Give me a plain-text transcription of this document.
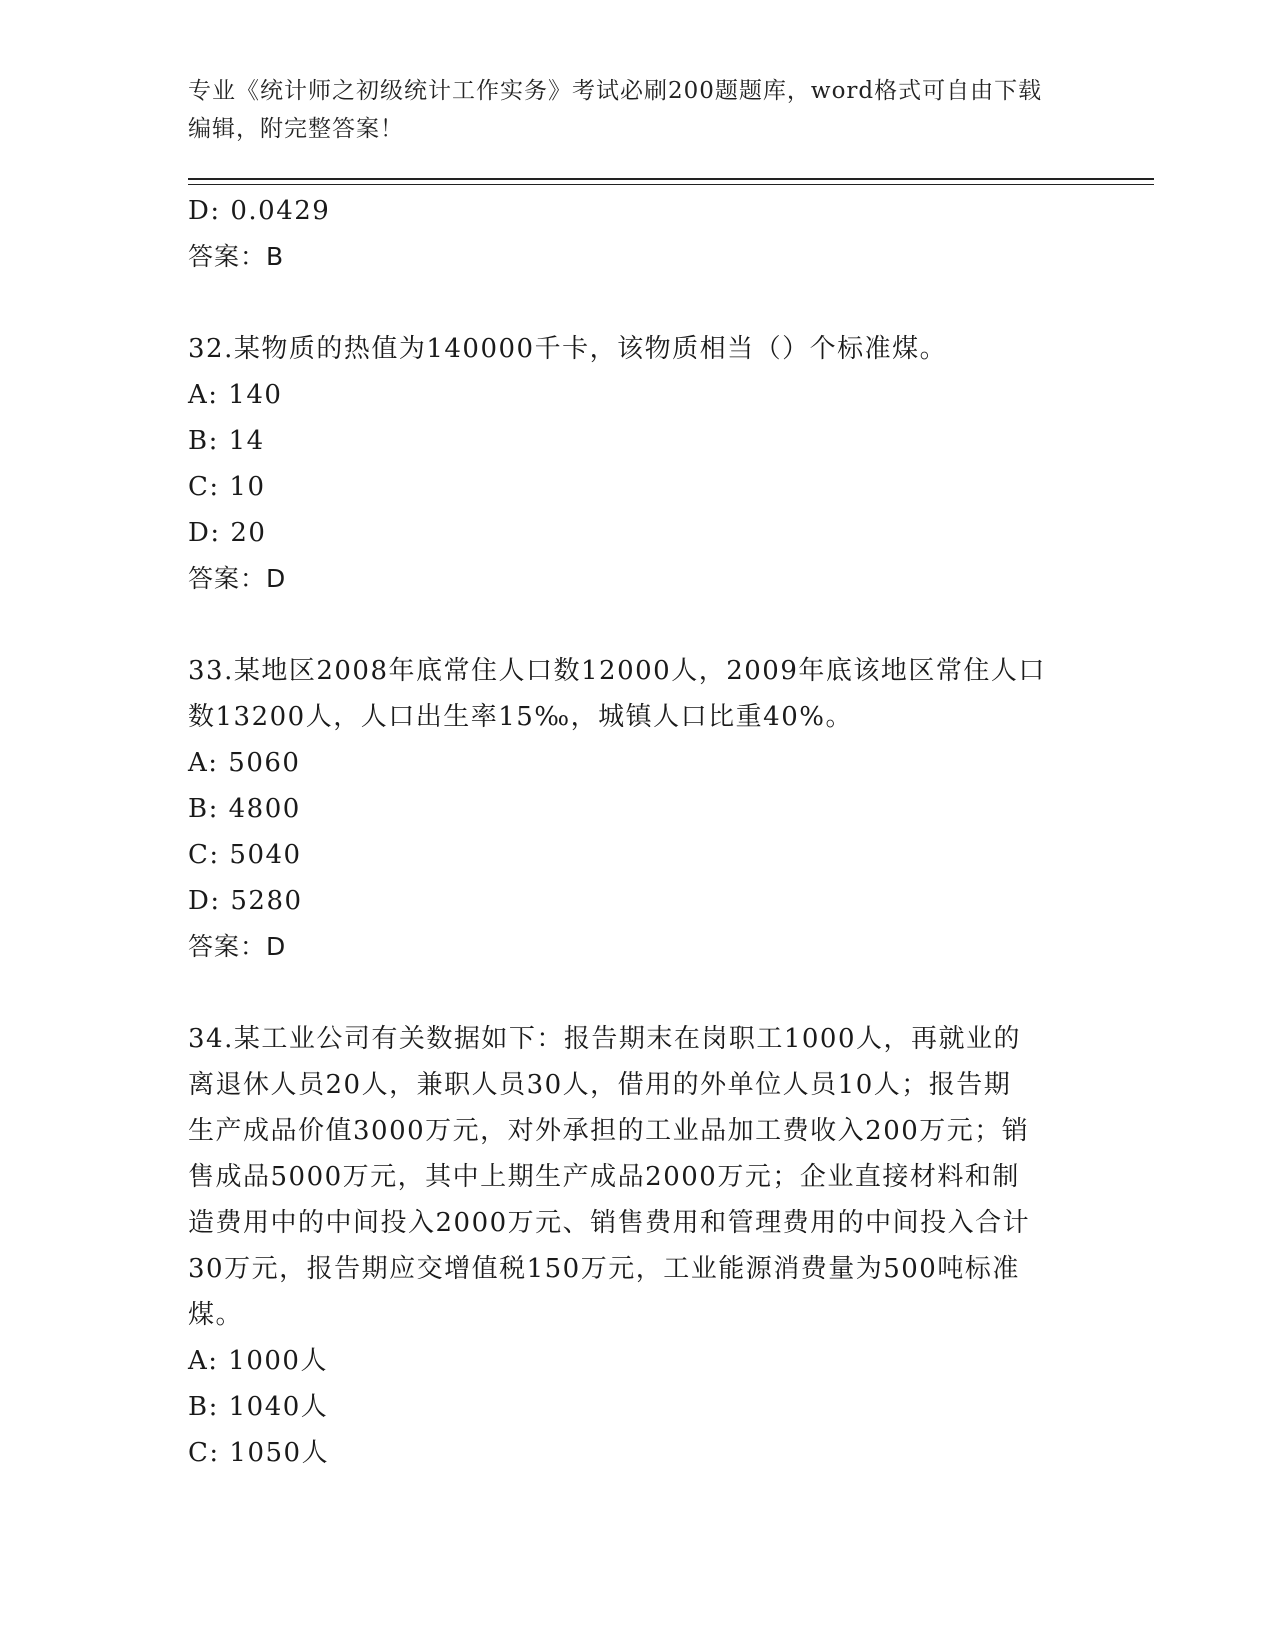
专业《统计师之初级统计工作实务》考试必刷200题题库，word格式可自由下载
编辑，附完整答案！
D: 0.0429
答案：B
32.某物质的热值为140000千卡，该物质相当（）个标准煤。
A: 140
B: 14
C: 10
D: 20
答案：D
33.某地区2008年底常住人口数12000人，2009年底该地区常住人口
数13200人，人口出生率15‰，城镇人口比重40%。
A: 5060
B: 4800
C: 5040
D: 5280
答案：D
34.某工业公司有关数据如下：报告期末在岗职工1000人，再就业的
离退休人员20人，兼职人员30人，借用的外单位人员10人；报告期
生产成品价值3000万元，对外承担的工业品加工费收入200万元；销
售成品5000万元，其中上期生产成品2000万元；企业直接材料和制
造费用中的中间投入2000万元、销售费用和管理费用的中间投入合计
30万元，报告期应交增值税150万元，工业能源消费量为500吨标准
煤。
A: 1000人
B: 1040人
C: 1050人
